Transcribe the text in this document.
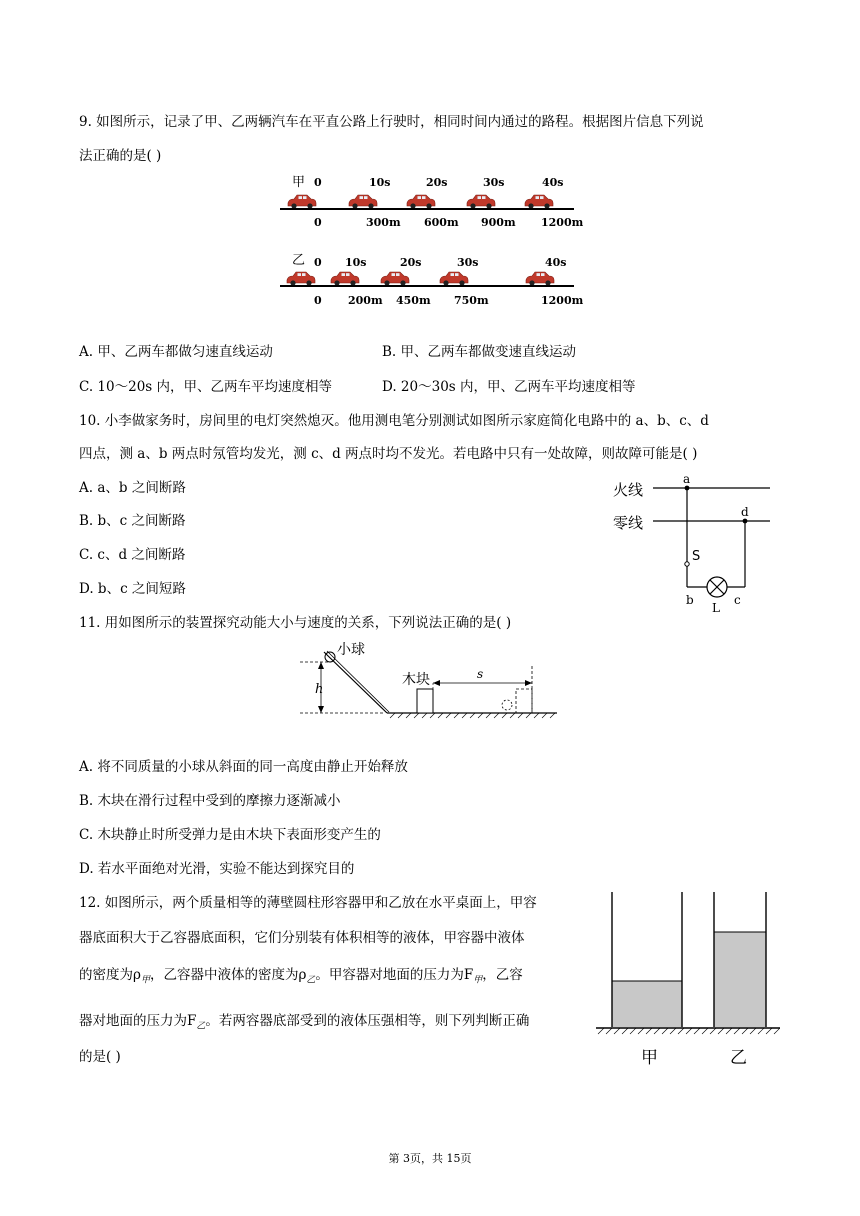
9. 如图所示，记录了甲、乙两辆汽车在平直公路上行驶时，相同时间内通过的路程。根据图片信息下列说
法正确的是( )
甲 0	10s	20s	30s	40s
0	300m 600m 900m 1200m
乙 0 10s	20s	30s	40s
0 200m 450m 750m	1200m
A. 甲、乙两车都做匀速直线运动	B. 甲、乙两车都做变速直线运动
C. 10～20s 内，甲、乙两车平均速度相等	D. 20～30s 内，甲、乙两车平均速度相等
10. 小李做家务时，房间里的电灯突然熄灭。他用测电笔分别测试如图所示家庭简化电路中的 a、b、c、d
四点，测 a、b 两点时氖管均发光，测 c、d 两点时均不发光。若电路中只有一处故障，则故障可能是( )
A. a、b 之间断路
B. b、c 之间断路
C. c、d 之间断路
D. b、c 之间短路
火线
零线
a
d
S
b
L
c
11. 用如图所示的装置探究动能大小与速度的关系，下列说法正确的是( )
小球
h
木块	s
A. 将不同质量的小球从斜面的同一高度由静止开始释放
B. 木块在滑行过程中受到的摩擦力逐渐减小
C. 木块静止时所受弹力是由木块下表面形变产生的
D. 若水平面绝对光滑，实验不能达到探究目的
12. 如图所示，两个质量相等的薄壁圆柱形容器甲和乙放在水平桌面上，甲容
器底面积大于乙容器底面积，它们分别装有体积相等的液体，甲容器中液体
的密度为$\rho_甲$，乙容器中液体的密度为$\rho_乙$。甲容器对地面的压力为$F_甲$，乙容
器对地面的压力为$F_乙$。若两容器底部受到的液体压强相等，则下列判断正确
的是( )	甲	乙
第 3页，共 15页
